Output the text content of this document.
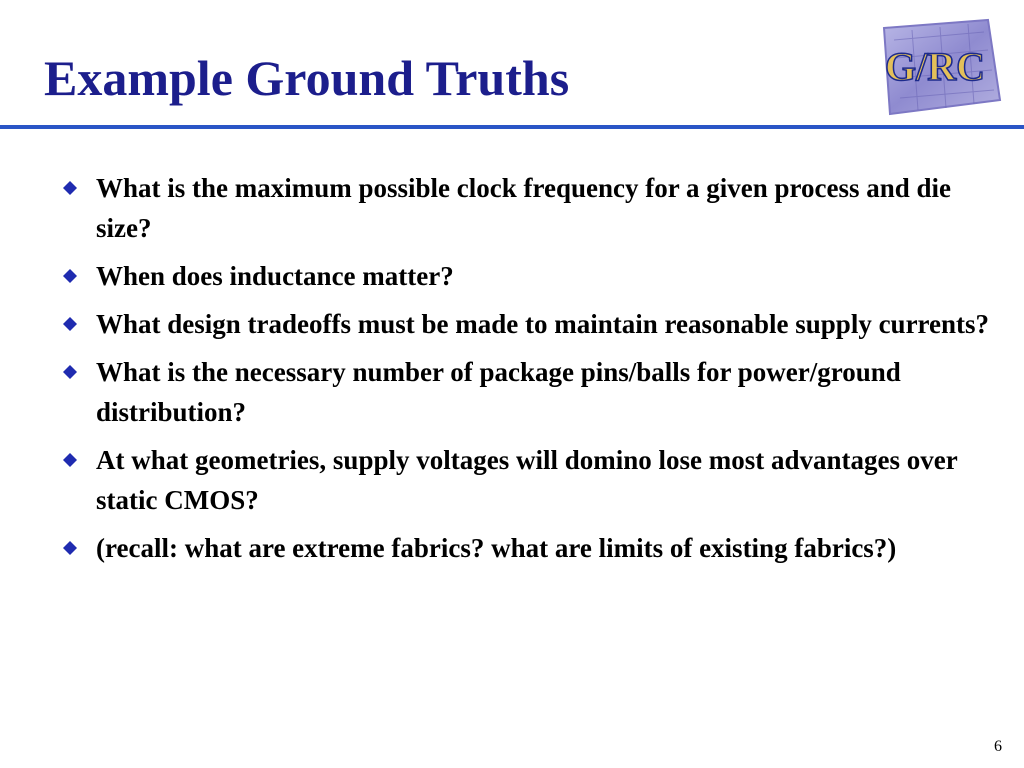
Example Ground Truths	G/RC
What is the maximum possible clock frequency for a given process and die size?
When does inductance matter?
What design tradeoffs must be made to maintain reasonable supply currents?
What is the necessary number of package pins/balls for power/ground distribution?
At what geometries, supply voltages will domino lose most advantages over static CMOS?
(recall: what are extreme fabrics? what are limits of existing fabrics?)
6
